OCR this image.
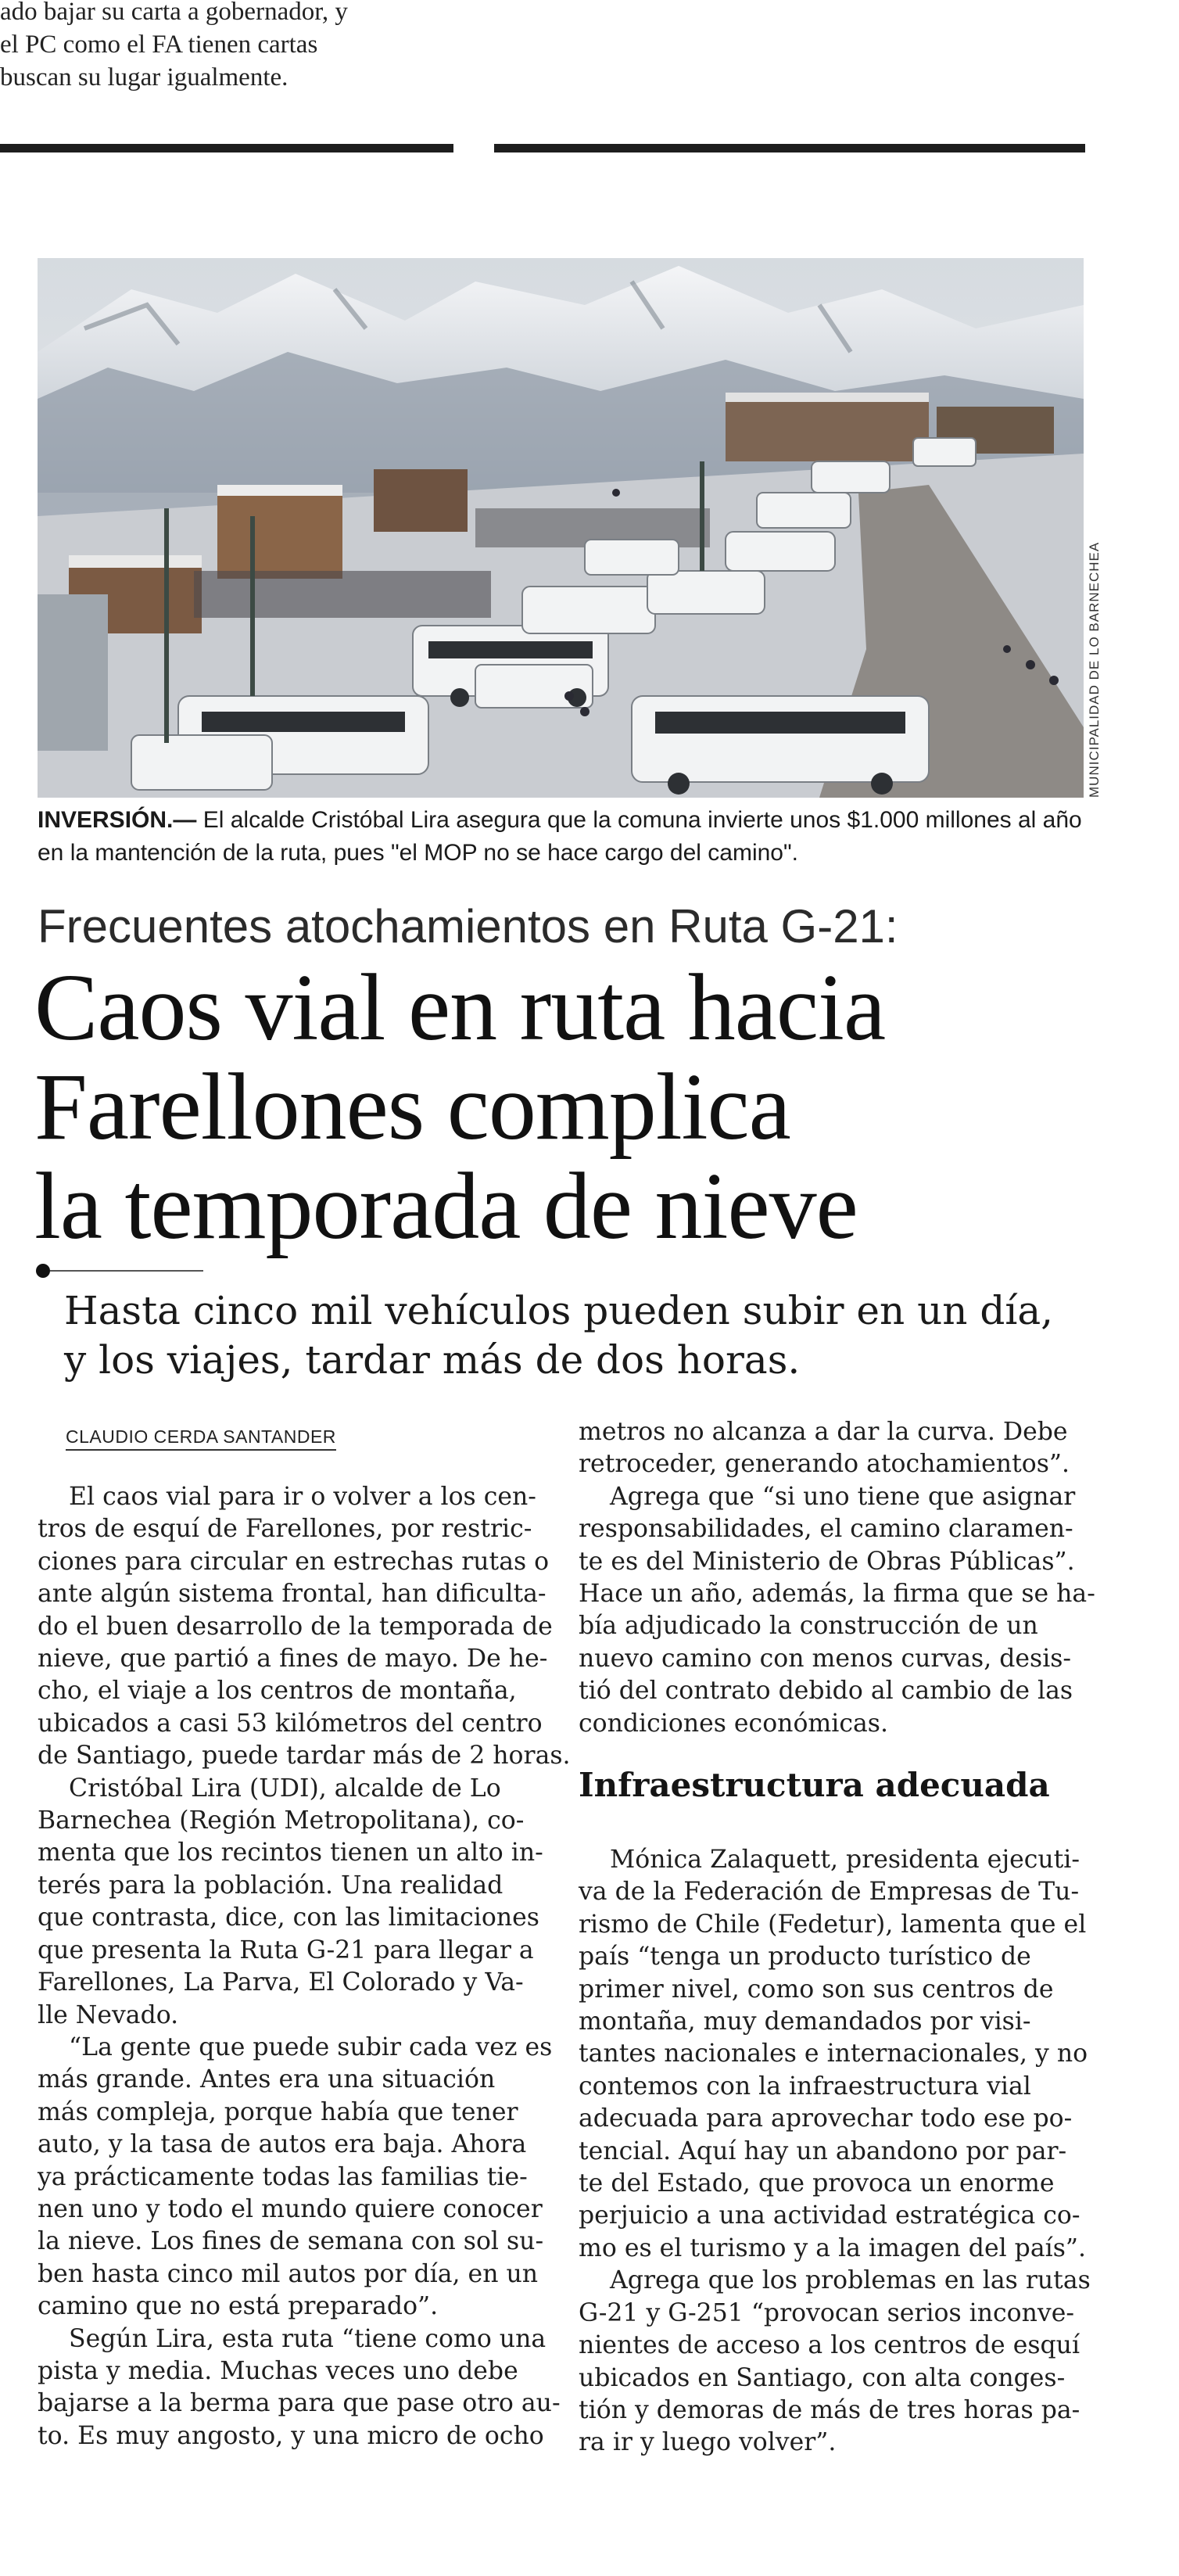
ado bajar su carta a gobernador, y
el PC como el FA tienen cartas
buscan su lugar igualmente.
MUNICIPALIDAD DE LO BARNECHEA
INVERSIÓN.— El alcalde Cristóbal Lira asegura que la comuna invierte unos $1.000 millones al año en la mantención de la ruta, pues "el MOP no se hace cargo del camino".
Frecuentes atochamientos en Ruta G-21:
Caos vial en ruta hacia
Farellones complica
la temporada de nieve
Hasta cinco mil vehículos pueden subir en un día,
y los viajes, tardar más de dos horas.
CLAUDIO CERDA SANTANDER
El caos vial para ir o volver a los cen-
tros de esquí de Farellones, por restric-
ciones para circular en estrechas rutas o
ante algún sistema frontal, han dificulta-
do el buen desarrollo de la temporada de
nieve, que partió a fines de mayo. De he-
cho, el viaje a los centros de montaña,
ubicados a casi 53 kilómetros del centro
de Santiago, puede tardar más de 2 horas.
Cristóbal Lira (UDI), alcalde de Lo
Barnechea (Región Metropolitana), co-
menta que los recintos tienen un alto in-
terés para la población. Una realidad
que contrasta, dice, con las limitaciones
que presenta la Ruta G-21 para llegar a
Farellones, La Parva, El Colorado y Va-
lle Nevado.
“La gente que puede subir cada vez es
más grande. Antes era una situación
más compleja, porque había que tener
auto, y la tasa de autos era baja. Ahora
ya prácticamente todas las familias tie-
nen uno y todo el mundo quiere conocer
la nieve. Los fines de semana con sol su-
ben hasta cinco mil autos por día, en un
camino que no está preparado”.
Según Lira, esta ruta “tiene como una
pista y media. Muchas veces uno debe
bajarse a la berma para que pase otro au-
to. Es muy angosto, y una micro de ocho
metros no alcanza a dar la curva. Debe
retroceder, generando atochamientos”.
Agrega que “si uno tiene que asignar
responsabilidades, el camino claramen-
te es del Ministerio de Obras Públicas”.
Hace un año, además, la firma que se ha-
bía adjudicado la construcción de un
nuevo camino con menos curvas, desis-
tió del contrato debido al cambio de las
condiciones económicas.
Infraestructura adecuada
Mónica Zalaquett, presidenta ejecuti-
va de la Federación de Empresas de Tu-
rismo de Chile (Fedetur), lamenta que el
país “tenga un producto turístico de
primer nivel, como son sus centros de
montaña, muy demandados por visi-
tantes nacionales e internacionales, y no
contemos con la infraestructura vial
adecuada para aprovechar todo ese po-
tencial. Aquí hay un abandono por par-
te del Estado, que provoca un enorme
perjuicio a una actividad estratégica co-
mo es el turismo y a la imagen del país”.
Agrega que los problemas en las rutas
G-21 y G-251 “provocan serios inconve-
nientes de acceso a los centros de esquí
ubicados en Santiago, con alta conges-
tión y demoras de más de tres horas pa-
ra ir y luego volver”.
